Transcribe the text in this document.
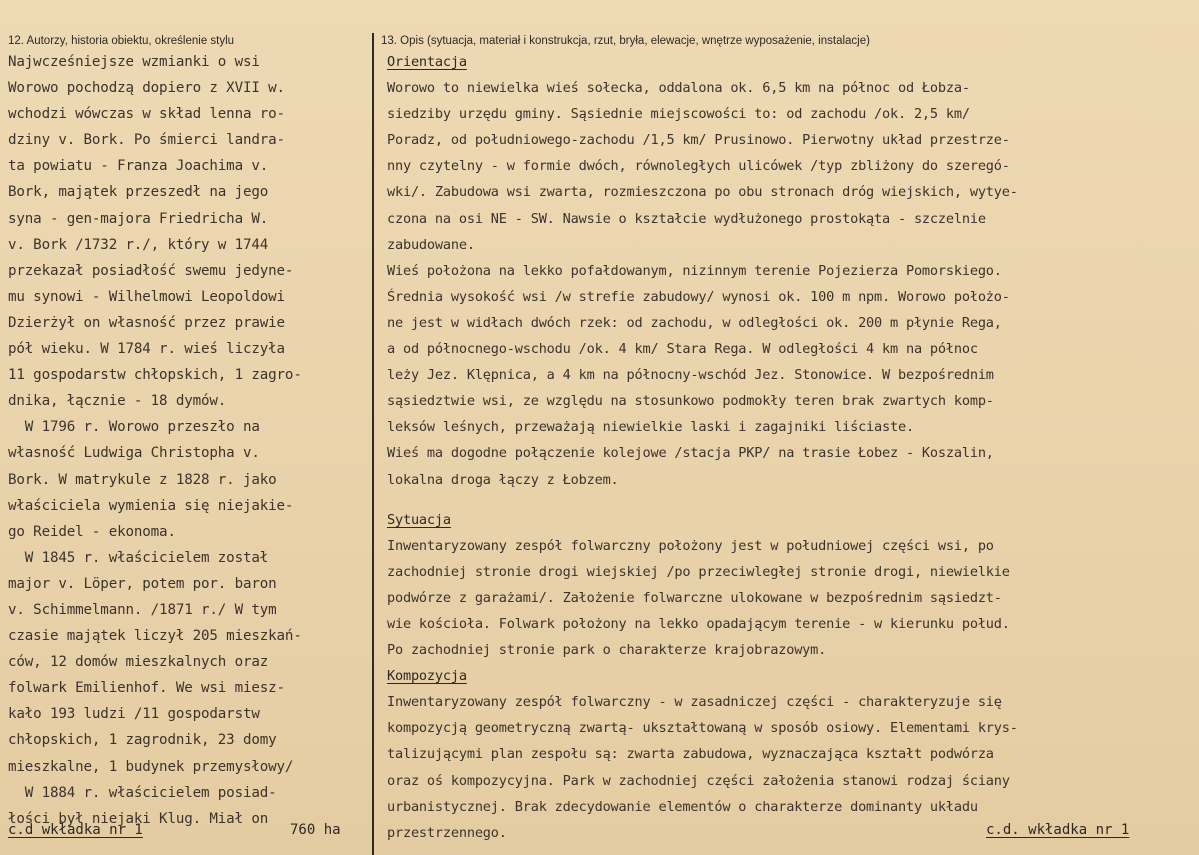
12. Autorzy, historia obiektu, określenie stylu	13. Opis (sytuacja, materiał i konstrukcja, rzut, bryła, elewacje, wnętrze wyposażenie, instalacje)
Najwcześniejsze wzmianki o wsi
Worowo pochodzą dopiero z XVII w.
wchodzi wówczas w skład lenna ro-
dziny v. Bork. Po śmierci landra-
ta powiatu - Franza Joachima v.
Bork, majątek przeszedł na jego
syna - gen-majora Friedricha W.
v. Bork /1732 r./, który w 1744
przekazał posiadłość swemu jedyne-
mu synowi - Wilhelmowi Leopoldowi
Dzierżył on własność przez prawie
pół wieku. W 1784 r. wieś liczyła
11 gospodarstw chłopskich, 1 zagro-
dnika, łącznie - 18 dymów.
W 1796 r. Worowo przeszło na
własność Ludwiga Christopha v.
Bork. W matrykule z 1828 r. jako
właściciela wymienia się niejakie-
go Reidel - ekonoma.
W 1845 r. właścicielem został
major v. Löper, potem por. baron
v. Schimmelmann. /1871 r./ W tym
czasie majątek liczył 205 mieszkań-
ców, 12 domów mieszkalnych oraz
folwark Emilienhof. We wsi miesz-
kało 193 ludzi /11 gospodarstw
chłopskich, 1 zagrodnik, 23 domy
mieszkalne, 1 budynek przemysłowy/
W 1884 r. właścicielem posiad-
łości był niejaki Klug. Miał on
Orientacja
Worowo to niewielka wieś sołecka, oddalona ok. 6,5 km na północ od Łobza-
siedziby urzędu gminy. Sąsiednie miejscowości to: od zachodu /ok. 2,5 km/
Poradz, od południowego-zachodu /1,5 km/ Prusinowo. Pierwotny układ przestrze-
nny czytelny - w formie dwóch, równoległych ulicówek /typ zbliżony do szeregó-
wki/. Zabudowa wsi zwarta, rozmieszczona po obu stronach dróg wiejskich, wytye-
czona na osi NE - SW. Nawsie o kształcie wydłużonego prostokąta - szczelnie
zabudowane.
Wieś położona na lekko pofałdowanym, nizinnym terenie Pojezierza Pomorskiego.
Średnia wysokość wsi /w strefie zabudowy/ wynosi ok. 100 m npm. Worowo położo-
ne jest w widłach dwóch rzek: od zachodu, w odległości ok. 200 m płynie Rega,
a od północnego-wschodu /ok. 4 km/ Stara Rega. W odległości 4 km na północ
leży Jez. Klępnica, a 4 km na północny-wschód Jez. Stonowice. W bezpośrednim
sąsiedztwie wsi, ze względu na stosunkowo podmokły teren brak zwartych komp-
leksów leśnych, przeważają niewielkie laski i zagajniki liściaste.
Wieś ma dogodne połączenie kolejowe /stacja PKP/ na trasie Łobez - Koszalin,
lokalna droga łączy z Łobzem.
Sytuacja
Inwentaryzowany zespół folwarczny położony jest w południowej części wsi, po
zachodniej stronie drogi wiejskiej /po przeciwległej stronie drogi, niewielkie
podwórze z garażami/. Założenie folwarczne ulokowane w bezpośrednim sąsiedzt-
wie kościoła. Folwark położony na lekko opadającym terenie - w kierunku połud.
Po zachodniej stronie park o charakterze krajobrazowym.
Kompozycja
Inwentaryzowany zespół folwarczny - w zasadniczej części - charakteryzuje się
kompozycją geometryczną zwartą- ukształtowaną w sposób osiowy. Elementami krys-
talizującymi plan zespołu są: zwarta zabudowa, wyznaczająca kształt podwórza
oraz oś kompozycyjna. Park w zachodniej części założenia stanowi rodzaj ściany
urbanistycznej. Brak zdecydowanie elementów o charakterze dominanty układu
przestrzennego.
c.d wkładka nr 1	760 ha	c.d. wkładka nr 1
